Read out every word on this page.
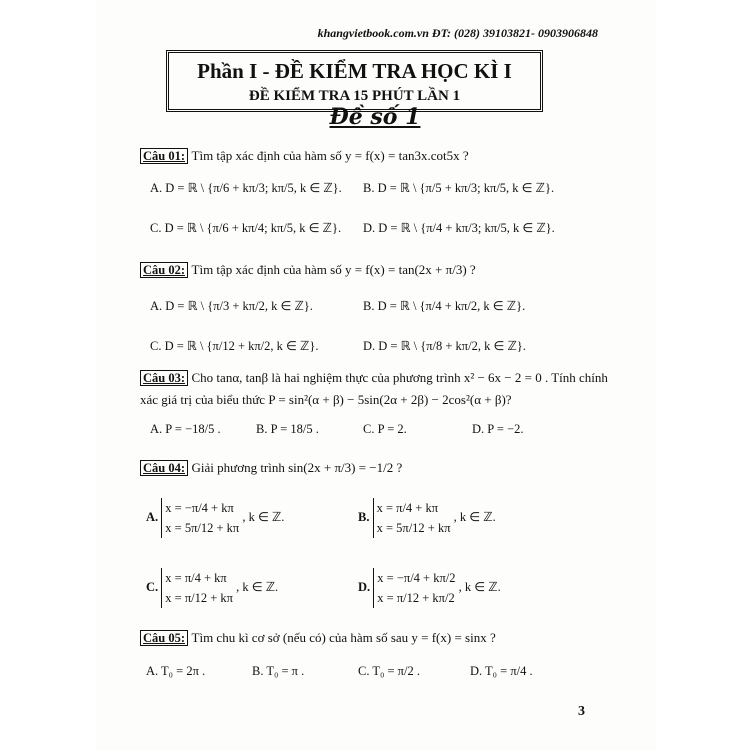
khangvietbook.com.vn ĐT: (028) 39103821- 0903906848
Phần I - ĐỀ KIỂM TRA HỌC KÌ I
ĐỀ KIỂM TRA 15 PHÚT LẦN 1
Đề số 1
Câu 01: Tìm tập xác định của hàm số y = f(x) = tan3x.cot5x ?
A. D = ℝ \ {π/6 + kπ/3; kπ/5, k ∈ ℤ}. B. D = ℝ \ {π/5 + kπ/3; kπ/5, k ∈ ℤ}.
C. D = ℝ \ {π/6 + kπ/4; kπ/5, k ∈ ℤ}. D. D = ℝ \ {π/4 + kπ/3; kπ/5, k ∈ ℤ}.
Câu 02: Tìm tập xác định của hàm số y = f(x) = tan(2x + π/3) ?
A. D = ℝ \ {π/3 + kπ/2, k ∈ ℤ}.	B. D = ℝ \ {π/4 + kπ/2, k ∈ ℤ}.
C. D = ℝ \ {π/12 + kπ/2, k ∈ ℤ}.	D. D = ℝ \ {π/8 + kπ/2, k ∈ ℤ}.
Câu 03: Cho tanα, tanβ là hai nghiệm thực của phương trình x² − 6x − 2 = 0 . Tính chính
xác giá trị của biểu thức P = sin²(α + β) − 5sin(2α + 2β) − 2cos²(α + β)?
A. P = −18/5 .	B. P = 18/5 .	C. P = 2.	D. P = −2.
Câu 04: Giải phương trình sin(2x + π/3) = −1/2 ?
A. x = −π/4 + kπ
x = 5π/12 + kπ , k ∈ ℤ.	B. x = π/4 + kπ
x = 5π/12 + kπ , k ∈ ℤ.
C. x = π/4 + kπ
x = π/12 + kπ , k ∈ ℤ.	D. x = −π/4 + kπ/2
x = π/12 + kπ/2 , k ∈ ℤ.
Câu 05: Tìm chu kì cơ sở (nếu có) của hàm số sau y = f(x) = sinx ?
A. T₀ = 2π .	B. T₀ = π .	C. T₀ = π/2 .	D. T₀ = π/4 .
3
